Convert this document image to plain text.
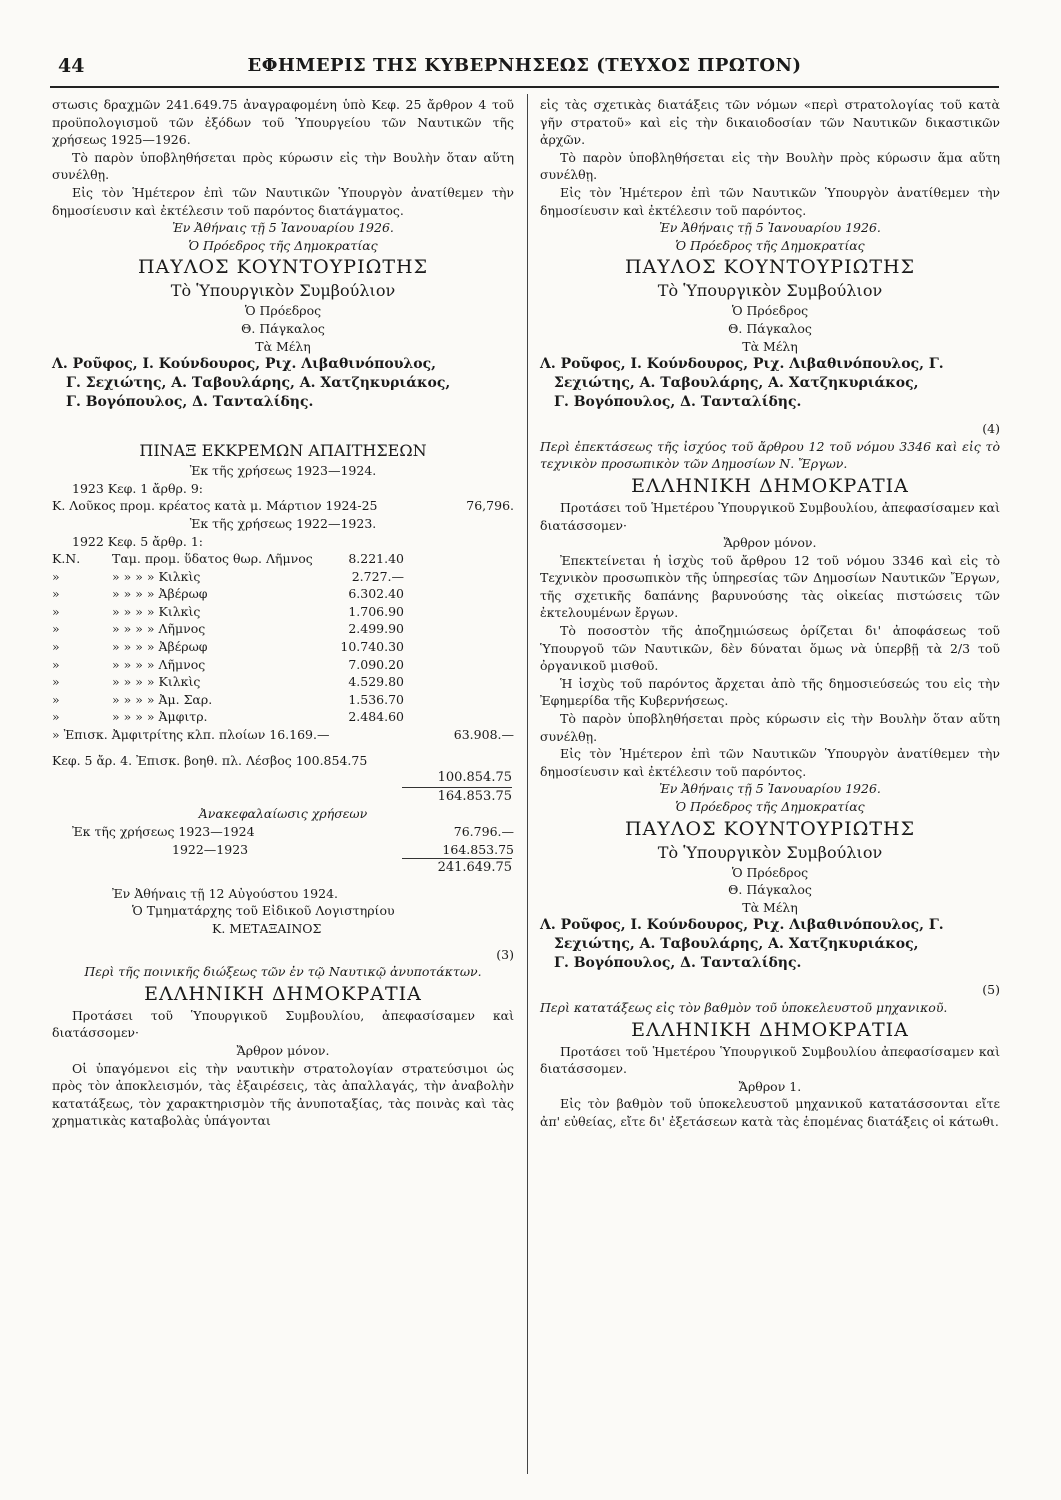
44	ΕΦΗΜΕΡΙΣ ΤΗΣ ΚΥΒΕΡΝΗΣΕΩΣ (ΤΕΥΧΟΣ ΠΡΩΤΟΝ)

στωσις δραχμῶν 241.649.75 ἀναγραφομένη ὑπὸ Κεφ. 25 ἄρθρον 4 τοῦ προϋπολογισμοῦ τῶν ἐξόδων τοῦ Ὑπουργείου τῶν Ναυτικῶν τῆς χρήσεως 1925—1926.

Τὸ παρὸν ὑποβληθήσεται πρὸς κύρωσιν εἰς τὴν Βουλὴν ὅταν αὕτη συνέλθῃ.

Εἰς τὸν Ἡμέτερον ἐπὶ τῶν Ναυτικῶν Ὑπουργὸν ἀνατίθεμεν τὴν δημοσίευσιν καὶ ἐκτέλεσιν τοῦ παρόντος διατάγματος.

Ἐν Ἀθήναις τῇ 5 Ἰανουαρίου 1926.

Ὁ Πρόεδρος τῆς Δημοκρατίας

ΠΑΥΛΟΣ ΚΟΥΝΤΟΥΡΙΩΤΗΣ

Τὸ Ὑπουργικὸν Συμβούλιον

Ὁ Πρόεδρος

Θ. Πάγκαλος

Τὰ Μέλη

Λ. Ροῦφος, Ι. Κούνδουρος, Ριχ. Λιβαθινόπουλος,

Γ. Σεχιώτης, Α. Ταβουλάρης, Α. Χατζηκυριάκος,

Γ. Βογόπουλος, Δ. Τανταλίδης.

ΠΙΝΑΞ ΕΚΚΡΕΜΩΝ ΑΠΑΙΤΗΣΕΩΝ

Ἐκ τῆς χρήσεως 1923—1924.

1923 Κεφ. 1 ἄρθρ. 9:

Κ. Λοῦκος προμ. κρέατος κατὰ μ. Μάρτιον 1924-25	76,796.

Ἐκ τῆς χρήσεως 1922—1923.

1922 Κεφ. 5 ἄρθρ. 1:

Κ.Ν.	Ταμ. προμ. ὕδατος θωρ. Λῆμνος	8.221.40
»	» » » » Κιλκὶς	2.727.—
»	» » » » Ἀβέρωφ	6.302.40
»	» » » » Κιλκὶς	1.706.90
»	» » » » Λῆμνος	2.499.90
»	» » » » Ἀβέρωφ	10.740.30
»	» » » » Λῆμνος	7.090.20
»	» » » » Κιλκὶς	4.529.80
»	» » » » Ἀμ. Σαρ.	1.536.70
»	» » » » Ἀμφιτρ.	2.484.60
» Ἐπισκ. Ἀμφιτρίτης κλπ. πλοίων 16.169.—	63.908.—
Κεφ. 5 ἄρ. 4. Ἐπισκ. βοηθ. πλ. Λέσβος 100.854.75

100.854.75

164.853.75

Ἀνακεφαλαίωσις χρήσεων

Ἐκ τῆς χρήσεως 1923—1924	76.796.—
1922—1923	164.853.75

241.649.75

Ἐν Ἀθήναις τῇ 12 Αὐγούστου 1924.

Ὁ Τμηματάρχης τοῦ Εἰδικοῦ Λογιστηρίου

Κ. ΜΕΤΑΞΑΙΝΟΣ

(3)

Περὶ τῆς ποινικῆς διώξεως τῶν ἐν τῷ Ναυτικῷ ἀνυποτάκτων.

ΕΛΛΗΝΙΚΗ ΔΗΜΟΚΡΑΤΙΑ

Προτάσει τοῦ Ὑπουργικοῦ Συμβουλίου, ἀπεφασίσαμεν καὶ διατάσσομεν·

Ἄρθρον μόνον.

Οἱ ὑπαγόμενοι εἰς τὴν ναυτικὴν στρατολογίαν στρατεύσιμοι ὡς πρὸς τὸν ἀποκλεισμόν, τὰς ἐξαιρέσεις, τὰς ἀπαλλαγάς, τὴν ἀναβολὴν κατατάξεως, τὸν χαρακτηρισμὸν τῆς ἀνυποταξίας, τὰς ποινὰς καὶ τὰς χρηματικὰς καταβολὰς ὑπάγονται

εἰς τὰς σχετικὰς διατάξεις τῶν νόμων «περὶ στρατολογίας τοῦ κατὰ γῆν στρατοῦ» καὶ εἰς τὴν δικαιοδοσίαν τῶν Ναυτικῶν δικαστικῶν ἀρχῶν.

Τὸ παρὸν ὑποβληθήσεται εἰς τὴν Βουλὴν πρὸς κύρωσιν ἅμα αὕτη συνέλθῃ.

Εἰς τὸν Ἡμέτερον ἐπὶ τῶν Ναυτικῶν Ὑπουργὸν ἀνατίθεμεν τὴν δημοσίευσιν καὶ ἐκτέλεσιν τοῦ παρόντος.

Ἐν Ἀθήναις τῇ 5 Ἰανουαρίου 1926.

Ὁ Πρόεδρος τῆς Δημοκρατίας

ΠΑΥΛΟΣ ΚΟΥΝΤΟΥΡΙΩΤΗΣ

Τὸ Ὑπουργικὸν Συμβούλιον

Ὁ Πρόεδρος

Θ. Πάγκαλος

Τὰ Μέλη

Λ. Ροῦφος, Ι. Κούνδουρος, Ριχ. Λιβαθινόπουλος, Γ.

Σεχιώτης, Α. Ταβουλάρης, Α. Χατζηκυριάκος,

Γ. Βογόπουλος, Δ. Τανταλίδης.

(4)

Περὶ ἐπεκτάσεως τῆς ἰσχύος τοῦ ἄρθρου 12 τοῦ νόμου 3346 καὶ εἰς τὸ τεχνικὸν προσωπικὸν τῶν Δημοσίων Ν. Ἔργων.

ΕΛΛΗΝΙΚΗ ΔΗΜΟΚΡΑΤΙΑ

Προτάσει τοῦ Ἡμετέρου Ὑπουργικοῦ Συμβουλίου, ἀπεφασίσαμεν καὶ διατάσσομεν·

Ἄρθρον μόνον.

Ἐπεκτείνεται ἡ ἰσχὺς τοῦ ἄρθρου 12 τοῦ νόμου 3346 καὶ εἰς τὸ Τεχνικὸν προσωπικὸν τῆς ὑπηρεσίας τῶν Δημοσίων Ναυτικῶν Ἔργων, τῆς σχετικῆς δαπάνης βαρυνούσης τὰς οἰκείας πιστώσεις τῶν ἐκτελουμένων ἔργων.

Τὸ ποσοστὸν τῆς ἀποζημιώσεως ὁρίζεται δι' ἀποφάσεως τοῦ Ὑπουργοῦ τῶν Ναυτικῶν, δὲν δύναται ὅμως νὰ ὑπερβῇ τὰ 2/3 τοῦ ὀργανικοῦ μισθοῦ.

Ἡ ἰσχὺς τοῦ παρόντος ἄρχεται ἀπὸ τῆς δημοσιεύσεώς του εἰς τὴν Ἐφημερίδα τῆς Κυβερνήσεως.

Τὸ παρὸν ὑποβληθήσεται πρὸς κύρωσιν εἰς τὴν Βουλὴν ὅταν αὕτη συνέλθῃ.

Εἰς τὸν Ἡμέτερον ἐπὶ τῶν Ναυτικῶν Ὑπουργὸν ἀνατίθεμεν τὴν δημοσίευσιν καὶ ἐκτέλεσιν τοῦ παρόντος.

Ἐν Ἀθήναις τῇ 5 Ἰανουαρίου 1926.

Ὁ Πρόεδρος τῆς Δημοκρατίας

ΠΑΥΛΟΣ ΚΟΥΝΤΟΥΡΙΩΤΗΣ

Τὸ Ὑπουργικὸν Συμβούλιον

Ὁ Πρόεδρος

Θ. Πάγκαλος

Τὰ Μέλη

Λ. Ροῦφος, Ι. Κούνδουρος, Ριχ. Λιβαθινόπουλος, Γ.

Σεχιώτης, Α. Ταβουλάρης, Α. Χατζηκυριάκος,

Γ. Βογόπουλος, Δ. Τανταλίδης.

(5)

Περὶ κατατάξεως εἰς τὸν βαθμὸν τοῦ ὑποκελευστοῦ μηχανικοῦ.

ΕΛΛΗΝΙΚΗ ΔΗΜΟΚΡΑΤΙΑ

Προτάσει τοῦ Ἡμετέρου Ὑπουργικοῦ Συμβουλίου ἀπεφασίσαμεν καὶ διατάσσομεν.

Ἄρθρον 1.

Εἰς τὸν βαθμὸν τοῦ ὑποκελευστοῦ μηχανικοῦ κατατάσσονται εἴτε ἀπ' εὐθείας, εἴτε δι' ἐξετάσεων κατὰ τὰς ἑπομένας διατάξεις οἱ κάτωθι.
